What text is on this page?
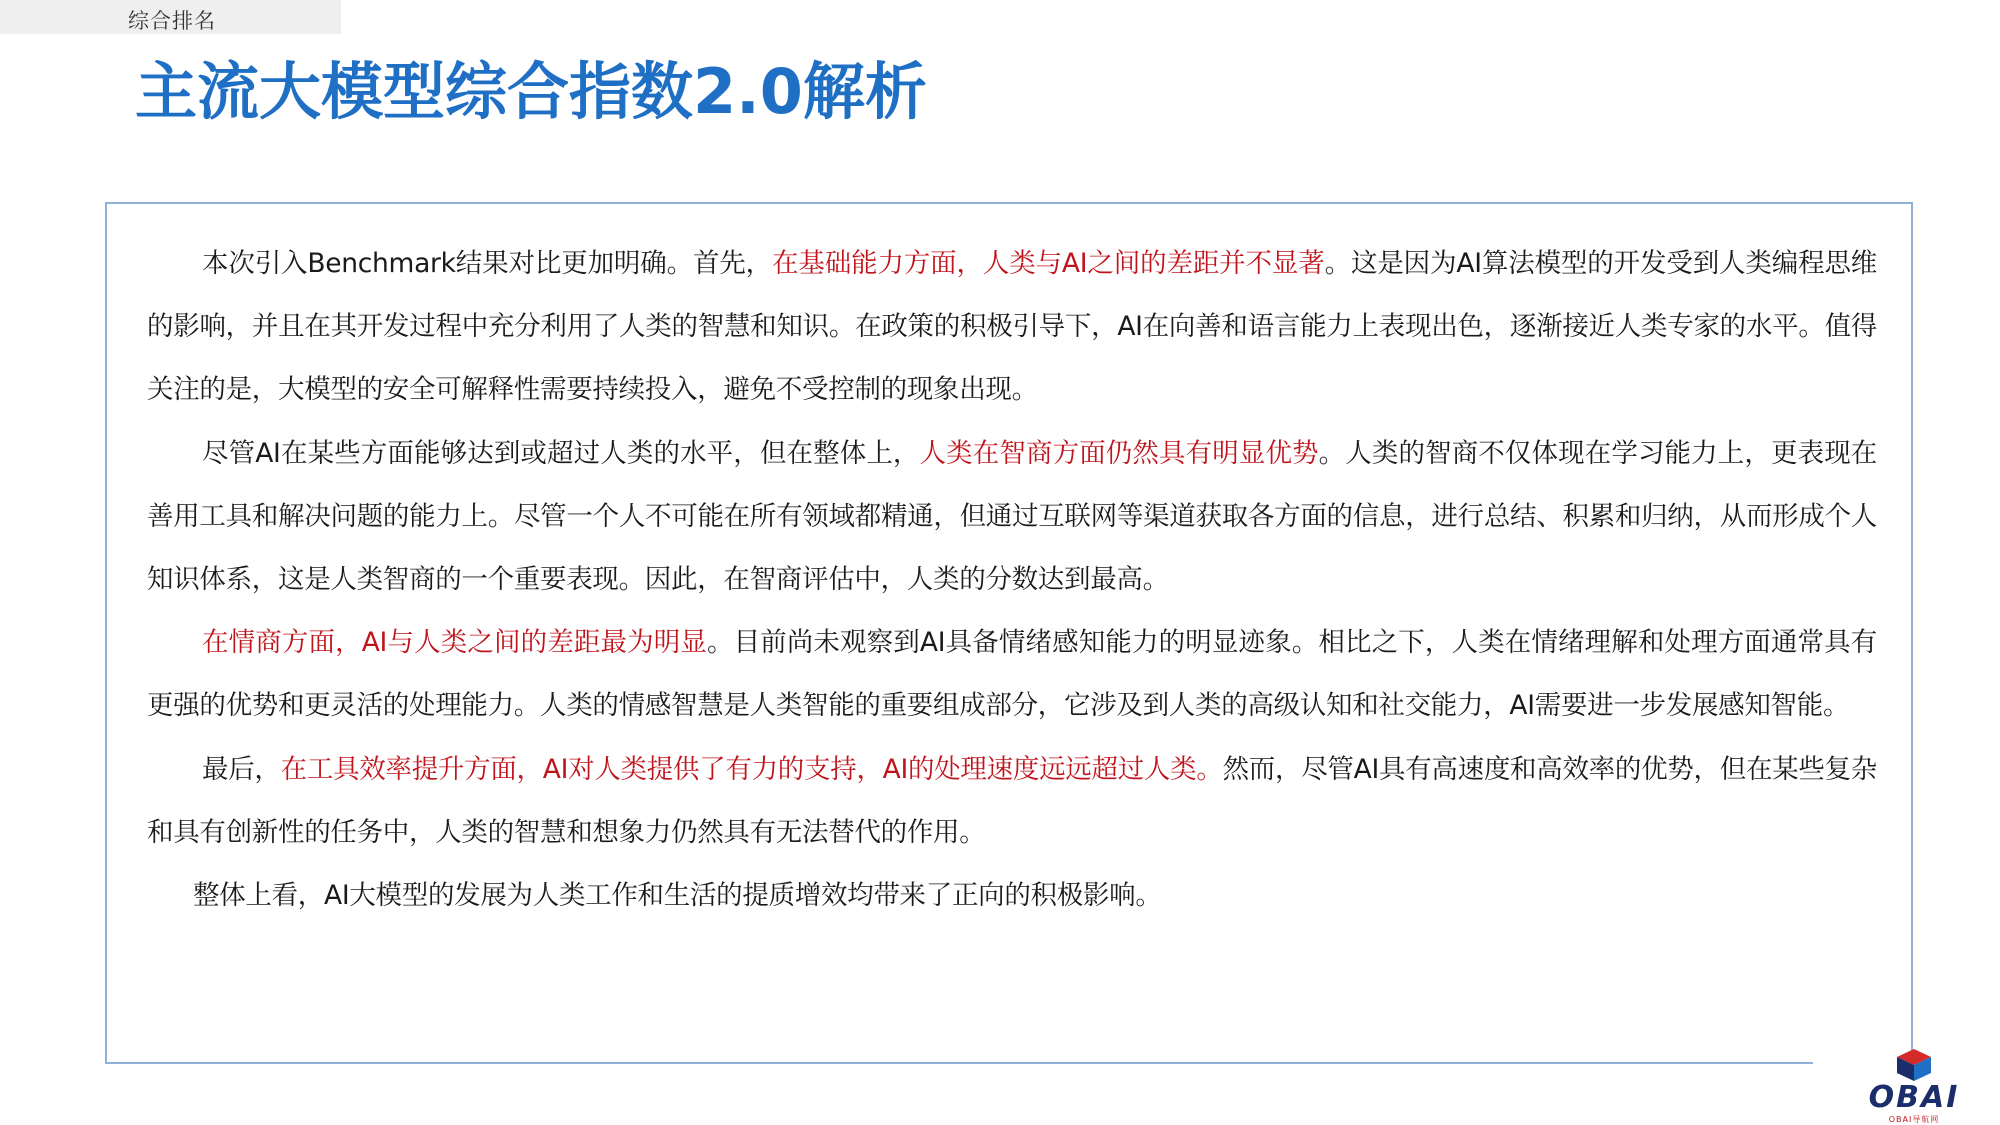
综合排名
主流大模型综合指数2.0解析

本次引入Benchmark结果对比更加明确。首先，在基础能力方面，人类与AI之间的差距并不显著。这是因为AI算法模型的开发受到人类编程思维的影响，并且在其开发过程中充分利用了人类的智慧和知识。在政策的积极引导下，AI在向善和语言能力上表现出色，逐渐接近人类专家的水平。值得关注的是，大模型的安全可解释性需要持续投入，避免不受控制的现象出现。

尽管AI在某些方面能够达到或超过人类的水平，但在整体上，人类在智商方面仍然具有明显优势。人类的智商不仅体现在学习能力上，更表现在善用工具和解决问题的能力上。尽管一个人不可能在所有领域都精通，但通过互联网等渠道获取各方面的信息，进行总结、积累和归纳，从而形成个人知识体系，这是人类智商的一个重要表现。因此，在智商评估中，人类的分数达到最高。

在情商方面，AI与人类之间的差距最为明显。目前尚未观察到AI具备情绪感知能力的明显迹象。相比之下，人类在情绪理解和处理方面通常具有更强的优势和更灵活的处理能力。人类的情感智慧是人类智能的重要组成部分，它涉及到人类的高级认知和社交能力，AI需要进一步发展感知智能。

最后，在工具效率提升方面，AI对人类提供了有力的支持，AI的处理速度远远超过人类。然而，尽管AI具有高速度和高效率的优势，但在某些复杂和具有创新性的任务中，人类的智慧和想象力仍然具有无法替代的作用。

整体上看，AI大模型的发展为人类工作和生活的提质增效均带来了正向的积极影响。

OBAI
OBAI导航网
